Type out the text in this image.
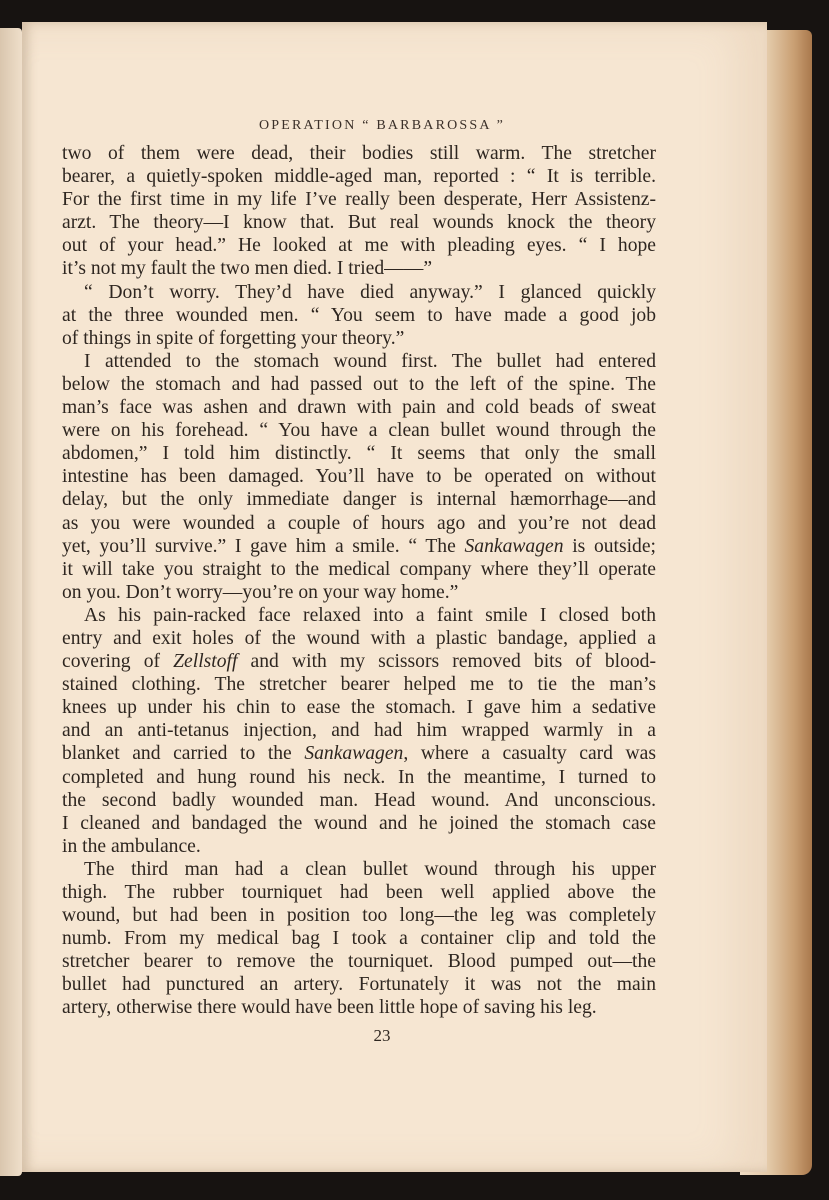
OPERATION “ BARBAROSSA ”
two of them were dead, their bodies still warm. The stretcher
bearer, a quietly-spoken middle-aged man, reported : “ It is terrible.
For the first time in my life I’ve really been desperate, Herr Assistenz-
arzt. The theory—I know that. But real wounds knock the theory
out of your head.” He looked at me with pleading eyes. “ I hope
it’s not my fault the two men died. I tried——”
“ Don’t worry. They’d have died anyway.” I glanced quickly
at the three wounded men. “ You seem to have made a good job
of things in spite of forgetting your theory.”
I attended to the stomach wound first. The bullet had entered
below the stomach and had passed out to the left of the spine. The
man’s face was ashen and drawn with pain and cold beads of sweat
were on his forehead. “ You have a clean bullet wound through the
abdomen,” I told him distinctly. “ It seems that only the small
intestine has been damaged. You’ll have to be operated on without
delay, but the only immediate danger is internal hæmorrhage—and
as you were wounded a couple of hours ago and you’re not dead
yet, you’ll survive.” I gave him a smile. “ The Sankawagen is outside;
it will take you straight to the medical company where they’ll operate
on you. Don’t worry—you’re on your way home.”
As his pain-racked face relaxed into a faint smile I closed both
entry and exit holes of the wound with a plastic bandage, applied a
covering of Zellstoff and with my scissors removed bits of blood-
stained clothing. The stretcher bearer helped me to tie the man’s
knees up under his chin to ease the stomach. I gave him a sedative
and an anti-tetanus injection, and had him wrapped warmly in a
blanket and carried to the Sankawagen, where a casualty card was
completed and hung round his neck. In the meantime, I turned to
the second badly wounded man. Head wound. And unconscious.
I cleaned and bandaged the wound and he joined the stomach case
in the ambulance.
The third man had a clean bullet wound through his upper
thigh. The rubber tourniquet had been well applied above the
wound, but had been in position too long—the leg was completely
numb. From my medical bag I took a container clip and told the
stretcher bearer to remove the tourniquet. Blood pumped out—the
bullet had punctured an artery. Fortunately it was not the main
artery, otherwise there would have been little hope of saving his leg.
23
